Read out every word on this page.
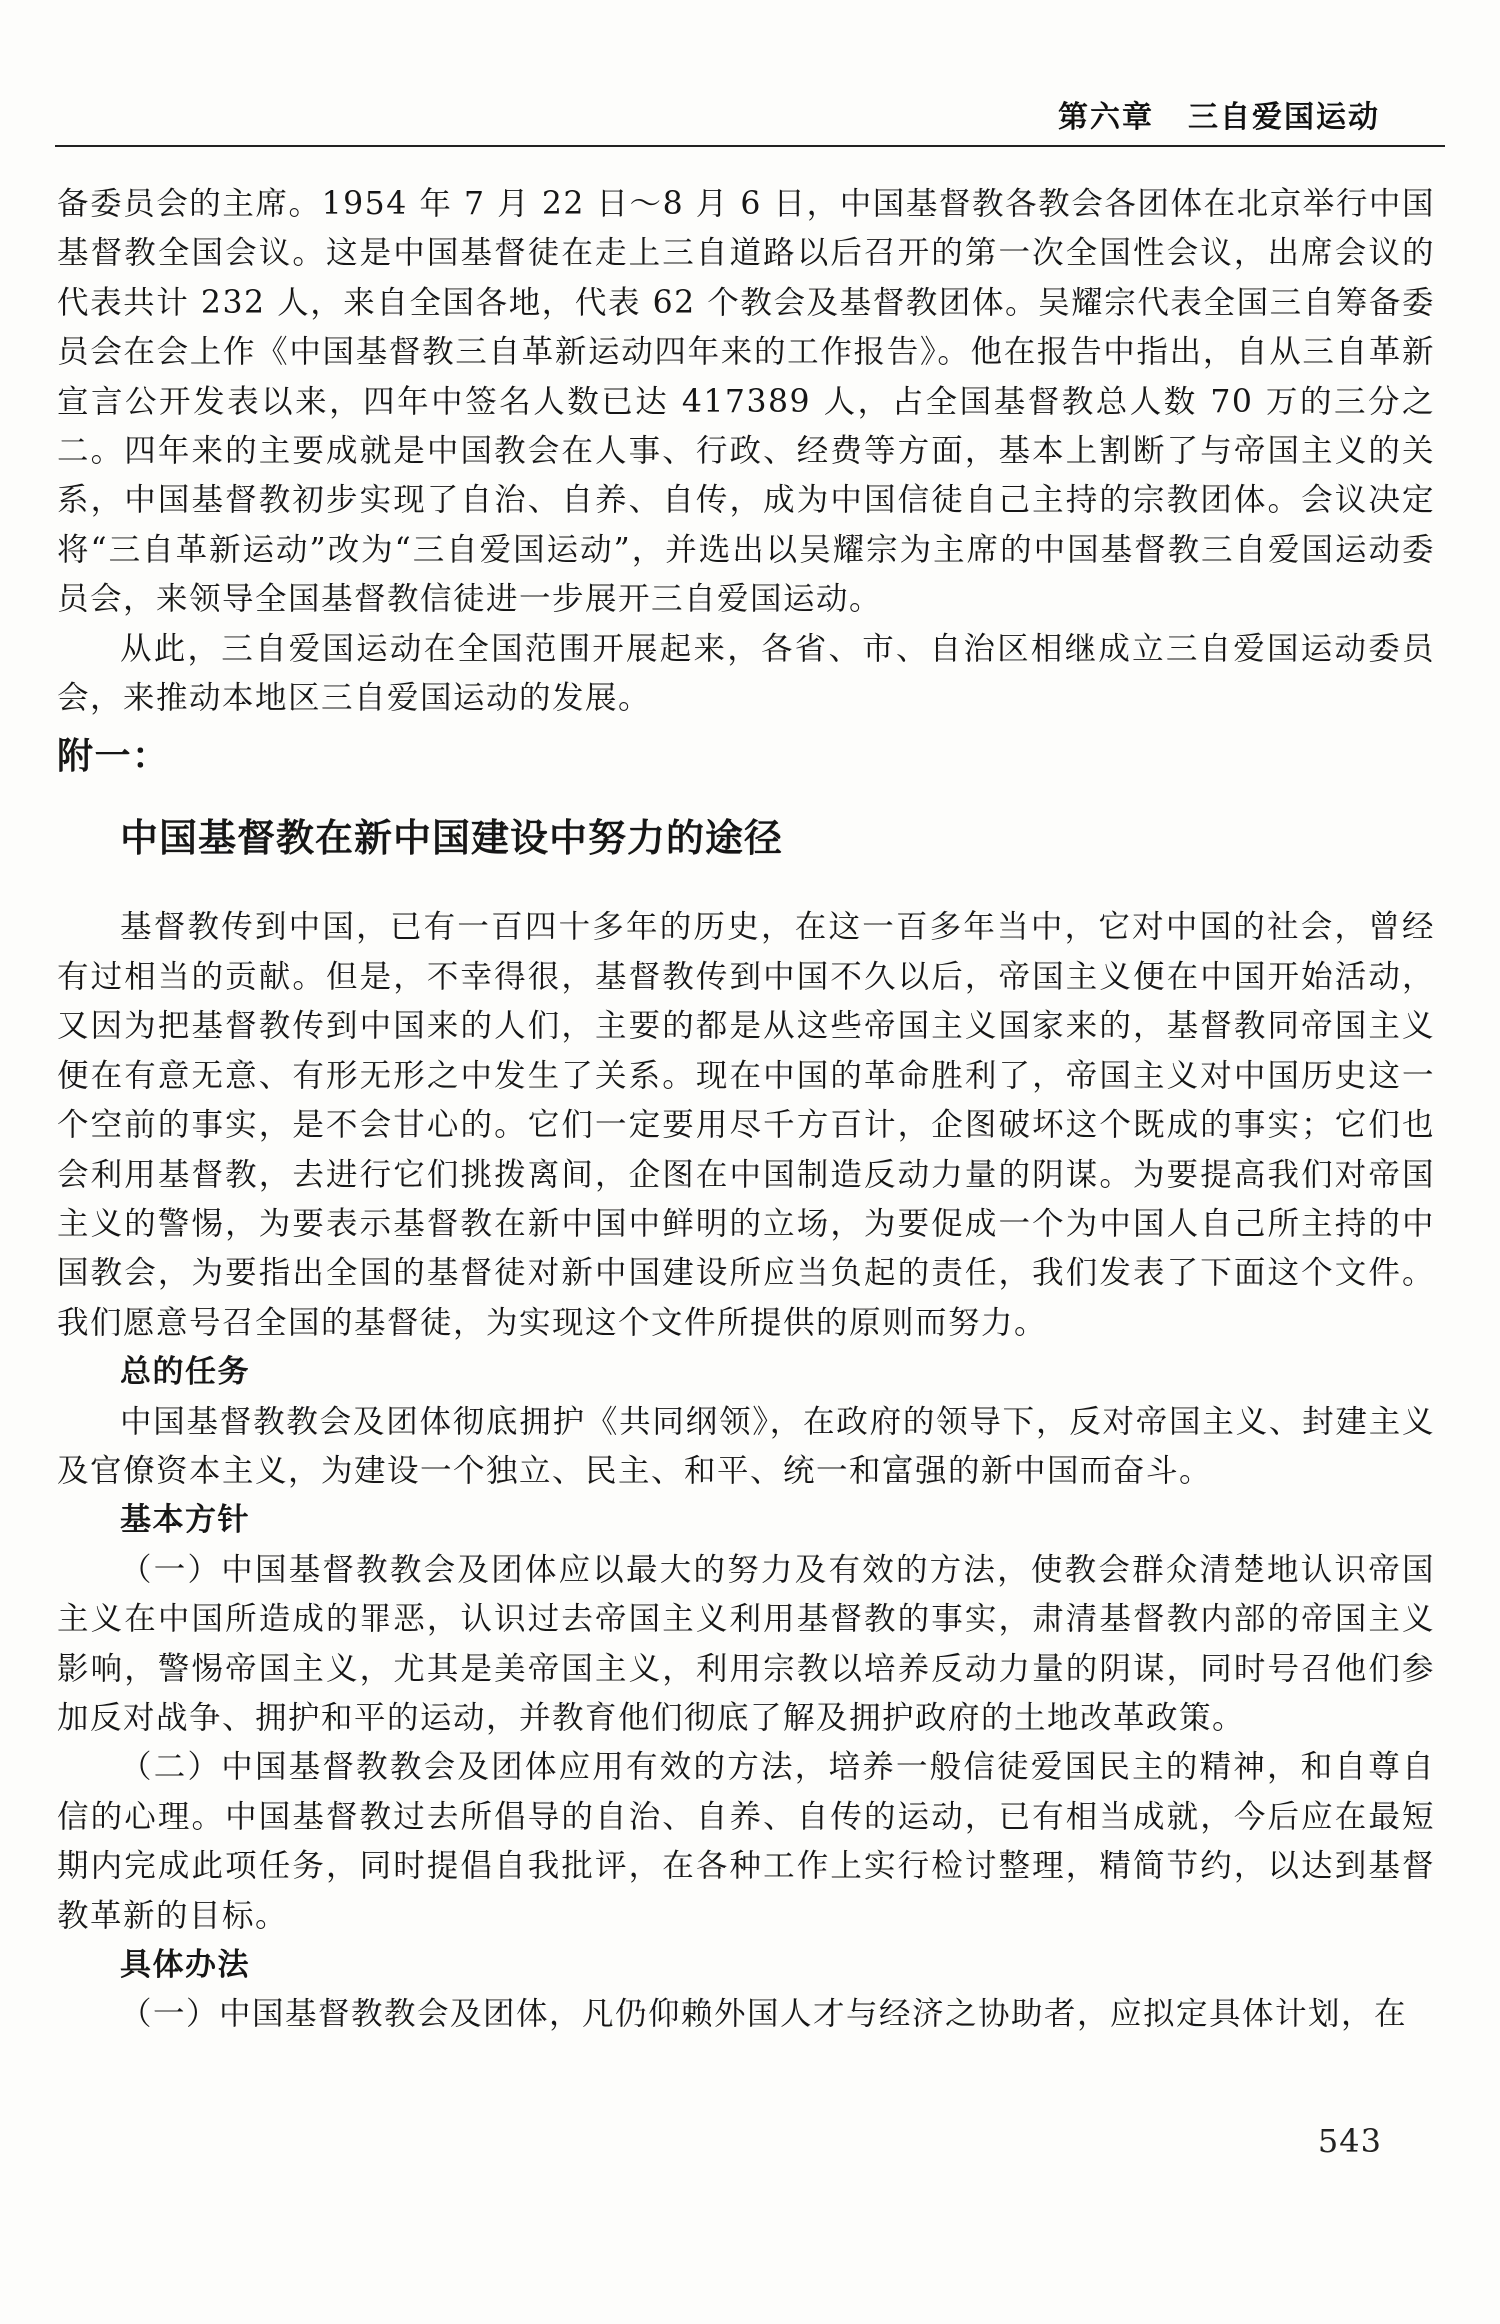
第六章 三自爱国运动

备委员会的主席。1954 年 7 月 22 日～8 月 6 日，中国基督教各教会各团体在北京举行中国基督教全国会议。这是中国基督徒在走上三自道路以后召开的第一次全国性会议，出席会议的代表共计 232 人，来自全国各地，代表 62 个教会及基督教团体。吴耀宗代表全国三自筹备委员会在会上作《中国基督教三自革新运动四年来的工作报告》。他在报告中指出，自从三自革新宣言公开发表以来，四年中签名人数已达 417389 人，占全国基督教总人数 70 万的三分之二。四年来的主要成就是中国教会在人事、行政、经费等方面，基本上割断了与帝国主义的关系，中国基督教初步实现了自治、自养、自传，成为中国信徒自己主持的宗教团体。会议决定将“三自革新运动”改为“三自爱国运动”，并选出以吴耀宗为主席的中国基督教三自爱国运动委员会，来领导全国基督教信徒进一步展开三自爱国运动。

从此，三自爱国运动在全国范围开展起来，各省、市、自治区相继成立三自爱国运动委员会，来推动本地区三自爱国运动的发展。

附一：
中国基督教在新中国建设中努力的途径

基督教传到中国，已有一百四十多年的历史，在这一百多年当中，它对中国的社会，曾经有过相当的贡献。但是，不幸得很，基督教传到中国不久以后，帝国主义便在中国开始活动，又因为把基督教传到中国来的人们，主要的都是从这些帝国主义国家来的，基督教同帝国主义便在有意无意、有形无形之中发生了关系。现在中国的革命胜利了，帝国主义对中国历史这一个空前的事实，是不会甘心的。它们一定要用尽千方百计，企图破坏这个既成的事实；它们也会利用基督教，去进行它们挑拨离间，企图在中国制造反动力量的阴谋。为要提高我们对帝国主义的警惕，为要表示基督教在新中国中鲜明的立场，为要促成一个为中国人自己所主持的中国教会，为要指出全国的基督徒对新中国建设所应当负起的责任，我们发表了下面这个文件。我们愿意号召全国的基督徒，为实现这个文件所提供的原则而努力。

总的任务

中国基督教教会及团体彻底拥护《共同纲领》，在政府的领导下，反对帝国主义、封建主义及官僚资本主义，为建设一个独立、民主、和平、统一和富强的新中国而奋斗。

基本方针

（一）中国基督教教会及团体应以最大的努力及有效的方法，使教会群众清楚地认识帝国主义在中国所造成的罪恶，认识过去帝国主义利用基督教的事实，肃清基督教内部的帝国主义影响，警惕帝国主义，尤其是美帝国主义，利用宗教以培养反动力量的阴谋，同时号召他们参加反对战争、拥护和平的运动，并教育他们彻底了解及拥护政府的土地改革政策。

（二）中国基督教教会及团体应用有效的方法，培养一般信徒爱国民主的精神，和自尊自信的心理。中国基督教过去所倡导的自治、自养、自传的运动，已有相当成就，今后应在最短期内完成此项任务，同时提倡自我批评，在各种工作上实行检讨整理，精简节约，以达到基督教革新的目标。

具体办法

（一）中国基督教教会及团体，凡仍仰赖外国人才与经济之协助者，应拟定具体计划，在

543
